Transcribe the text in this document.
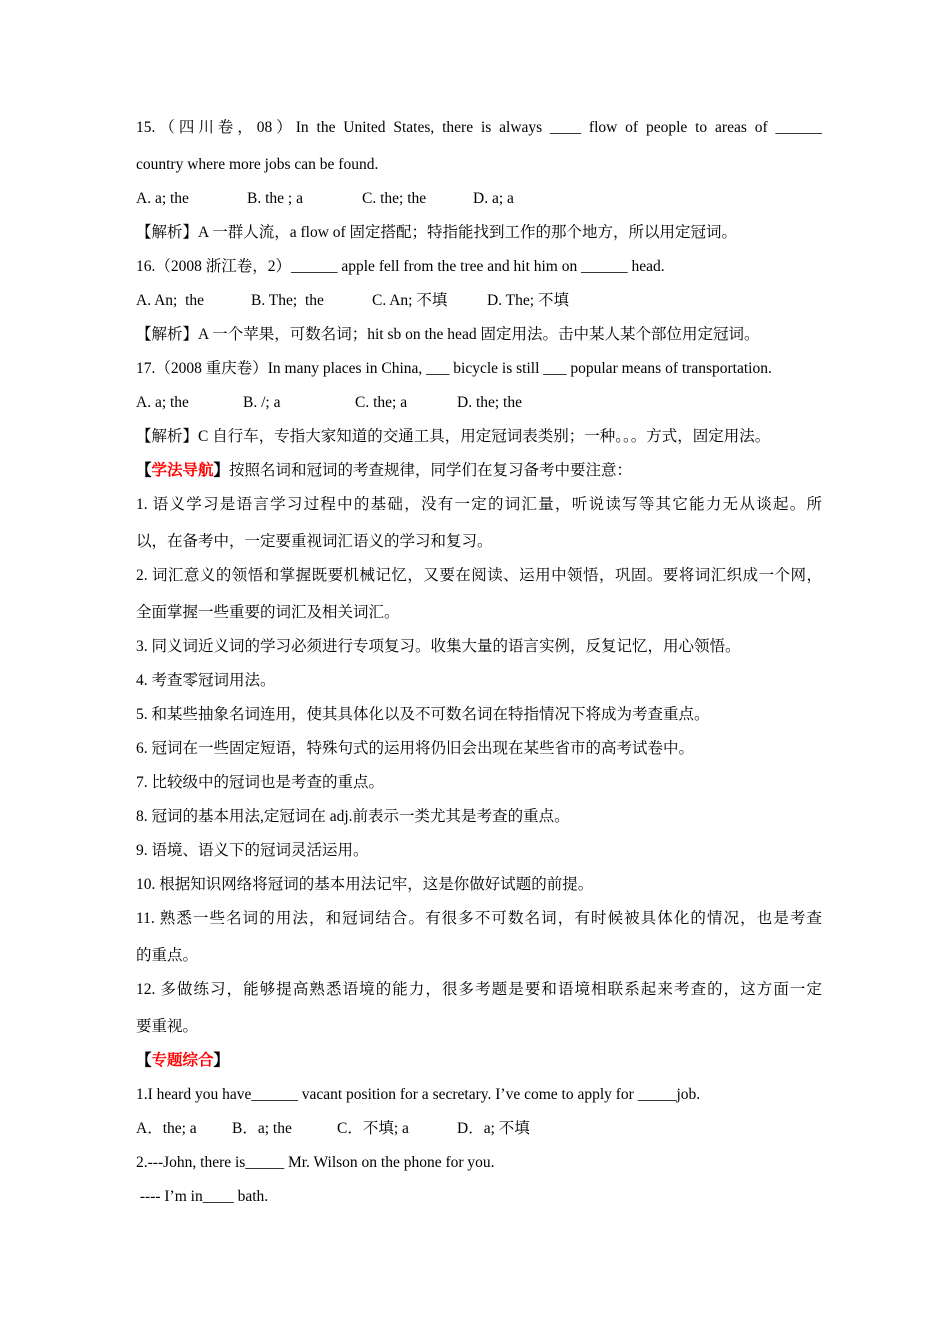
15.（四川卷，08）In the United States, there is always ____ flow of people to areas of ______
country where more jobs can be found.
A. a; the	B. the ; a	C. the; the	D. a; a
【解析】A 一群人流，a flow of 固定搭配；特指能找到工作的那个地方，所以用定冠词。
16.（2008 浙江卷，2）______ apple fell from the tree and hit him on ______ head.
A. An;  the	B. The;  the	C. An; 不填	D. The; 不填
【解析】A 一个苹果，可数名词；hit sb on the head 固定用法。击中某人某个部位用定冠词。
17.（2008 重庆卷）In many places in China, ___ bicycle is still ___ popular means of transportation.
A. a; the	B. /; a	C. the; a	D. the; the
【解析】C 自行车，专指大家知道的交通工具，用定冠词表类别；一种。。。方式，固定用法。
【学法导航】按照名词和冠词的考查规律，同学们在复习备考中要注意：
1. 语义学习是语言学习过程中的基础，没有一定的词汇量，听说读写等其它能力无从谈起。所
以，在备考中，一定要重视词汇语义的学习和复习。
2. 词汇意义的领悟和掌握既要机械记忆，又要在阅读、运用中领悟，巩固。要将词汇织成一个网，
全面掌握一些重要的词汇及相关词汇。
3. 同义词近义词的学习必须进行专项复习。收集大量的语言实例，反复记忆，用心领悟。
4. 考查零冠词用法。
5. 和某些抽象名词连用，使其具体化以及不可数名词在特指情况下将成为考查重点。
6. 冠词在一些固定短语，特殊句式的运用将仍旧会出现在某些省市的高考试卷中。
7. 比较级中的冠词也是考查的重点。
8. 冠词的基本用法,定冠词在 adj.前表示一类尤其是考查的重点。
9. 语境、语义下的冠词灵活运用。
10. 根据知识网络将冠词的基本用法记牢，这是你做好试题的前提。
11. 熟悉一些名词的用法，和冠词结合。有很多不可数名词，有时候被具体化的情况，也是考查
的重点。
12. 多做练习，能够提高熟悉语境的能力，很多考题是要和语境相联系起来考查的，这方面一定
要重视。
【专题综合】
1.I heard you have______ vacant position for a secretary. I’ve come to apply for _____job.
A．the; a	B．a; the	C．不填; a	D．a; 不填
2.---John, there is_____ Mr. Wilson on the phone for you.
---- I’m in____ bath.
